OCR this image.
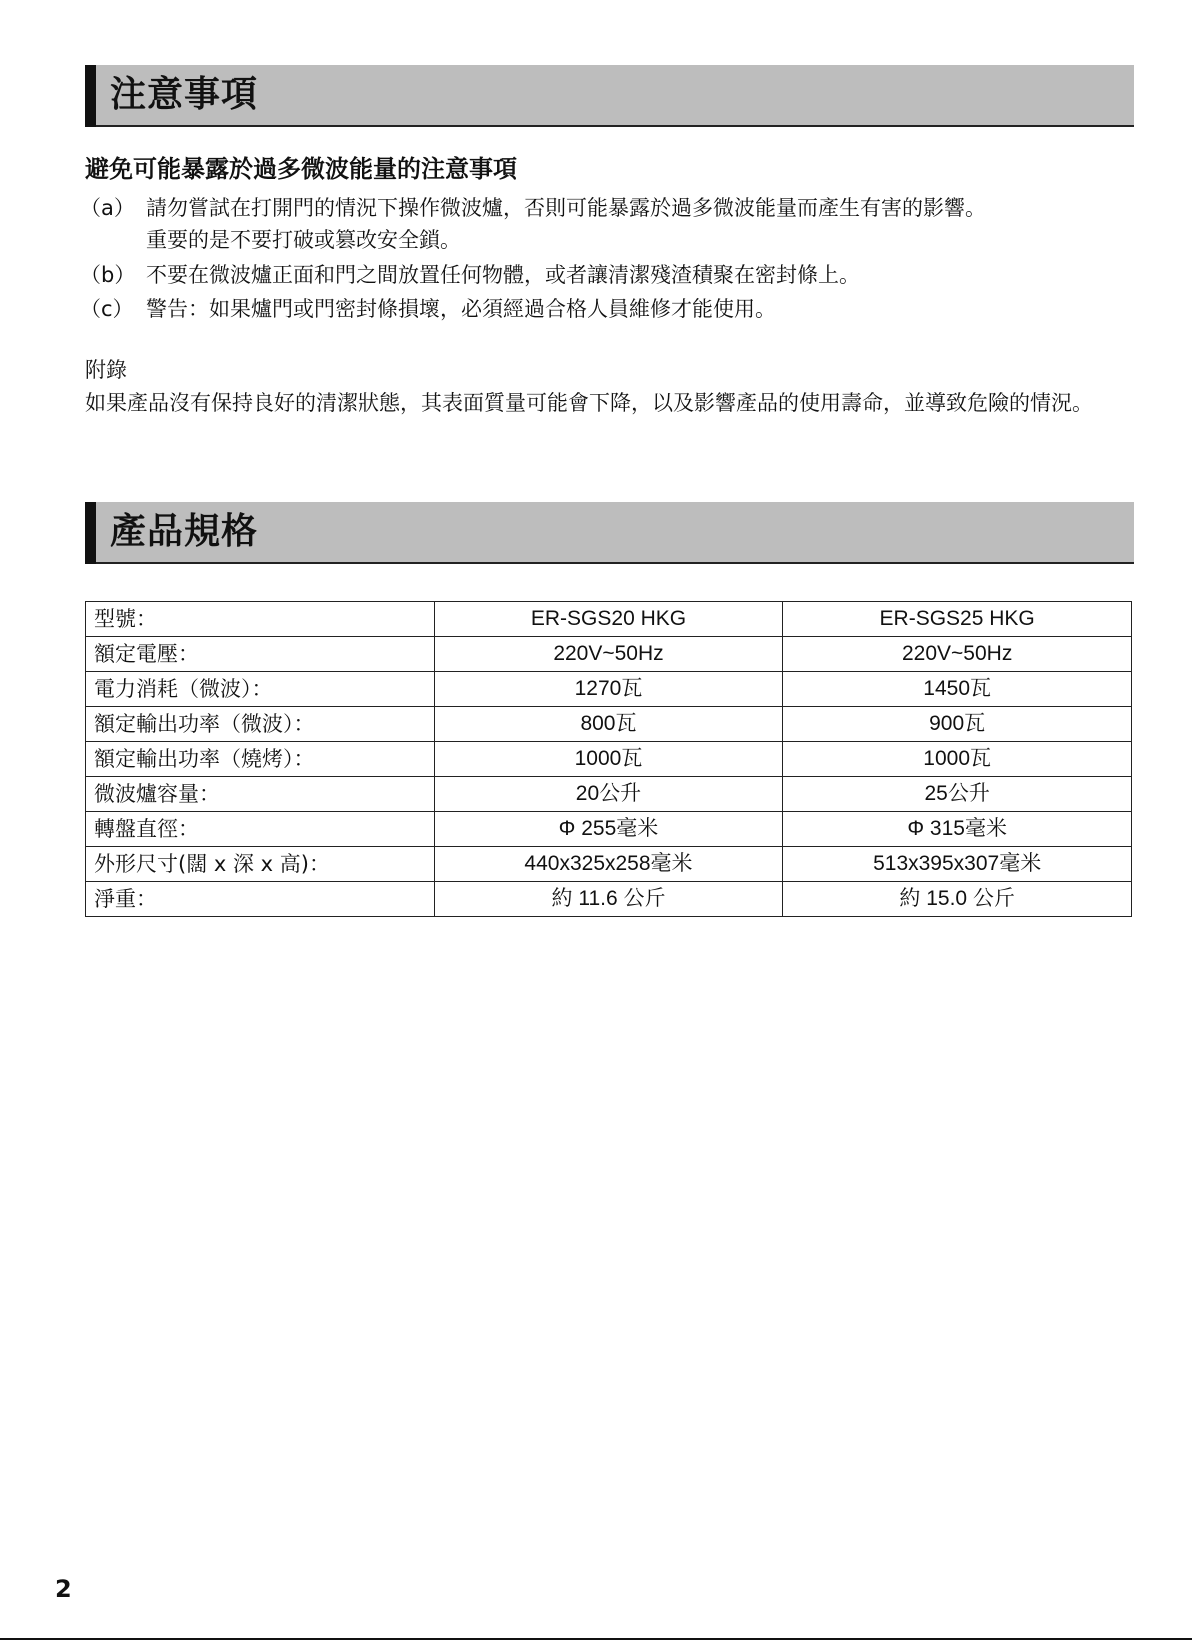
注意事項
避免可能暴露於過多微波能量的注意事項
（a） 請勿嘗試在打開門的情況下操作微波爐，否則可能暴露於過多微波能量而產生有害的影響。
重要的是不要打破或篡改安全鎖。
（b） 不要在微波爐正面和門之間放置任何物體，或者讓清潔殘渣積聚在密封條上。
（c） 警告：如果爐門或門密封條損壞，必須經過合格人員維修才能使用。
附錄
如果產品沒有保持良好的清潔狀態，其表面質量可能會下降，以及影響產品的使用壽命，並導致危險的情況。
產品規格
型號：	ER-SGS20 HKG	ER-SGS25 HKG
額定電壓：	220V~50Hz	220V~50Hz
電力消耗（微波）：	1270瓦	1450瓦
額定輸出功率（微波）：	800瓦	900瓦
額定輸出功率（燒烤）：	1000瓦	1000瓦
微波爐容量：	20公升	25公升
轉盤直徑：	Φ 255毫米	Φ 315毫米
外形尺寸(闊 x 深 x 高)：	440x325x258毫米	513x395x307毫米
淨重：	約 11.6 公斤	約 15.0 公斤
2
